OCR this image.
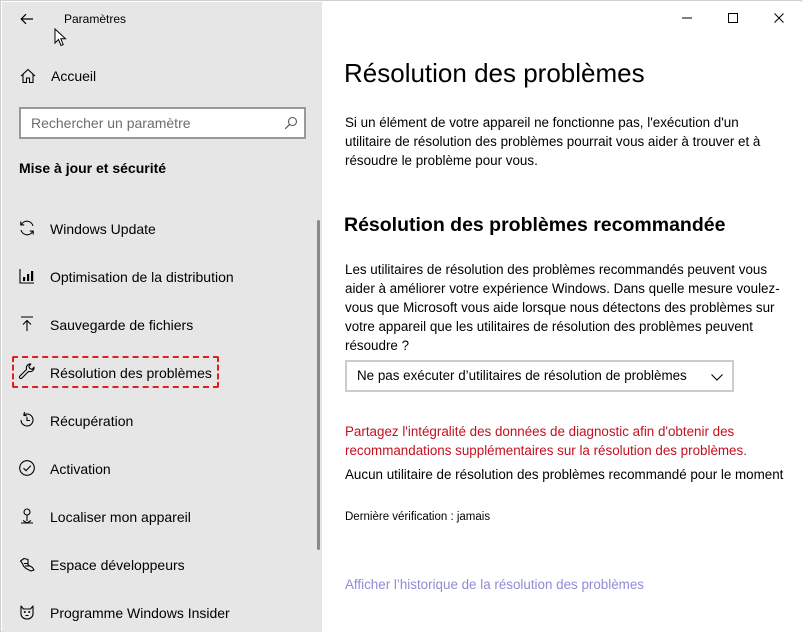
Paramètres
Accueil
Rechercher un paramètre
Mise à jour et sécurité
Windows Update
Optimisation de la distribution
Sauvegarde de fichiers
Résolution des problèmes
Récupération
Activation
Localiser mon appareil
Espace développeurs
Programme Windows Insider
Résolution des problèmes

Si un élément de votre appareil ne fonctionne pas, l'exécution d'un utilitaire de résolution des problèmes pourrait vous aider à trouver et à résoudre le problème pour vous.

Résolution des problèmes recommandée

Les utilitaires de résolution des problèmes recommandés peuvent vous aider à améliorer votre expérience Windows. Dans quelle mesure voulez-vous que Microsoft vous aide lorsque nous détectons des problèmes sur votre appareil que les utilitaires de résolution des problèmes peuvent résoudre ?

Ne pas exécuter d’utilitaires de résolution de problèmes

Partagez l'intégralité des données de diagnostic afin d'obtenir des recommandations supplémentaires sur la résolution des problèmes.

Aucun utilitaire de résolution des problèmes recommandé pour le moment

Dernière vérification : jamais

Afficher l’historique de la résolution des problèmes
